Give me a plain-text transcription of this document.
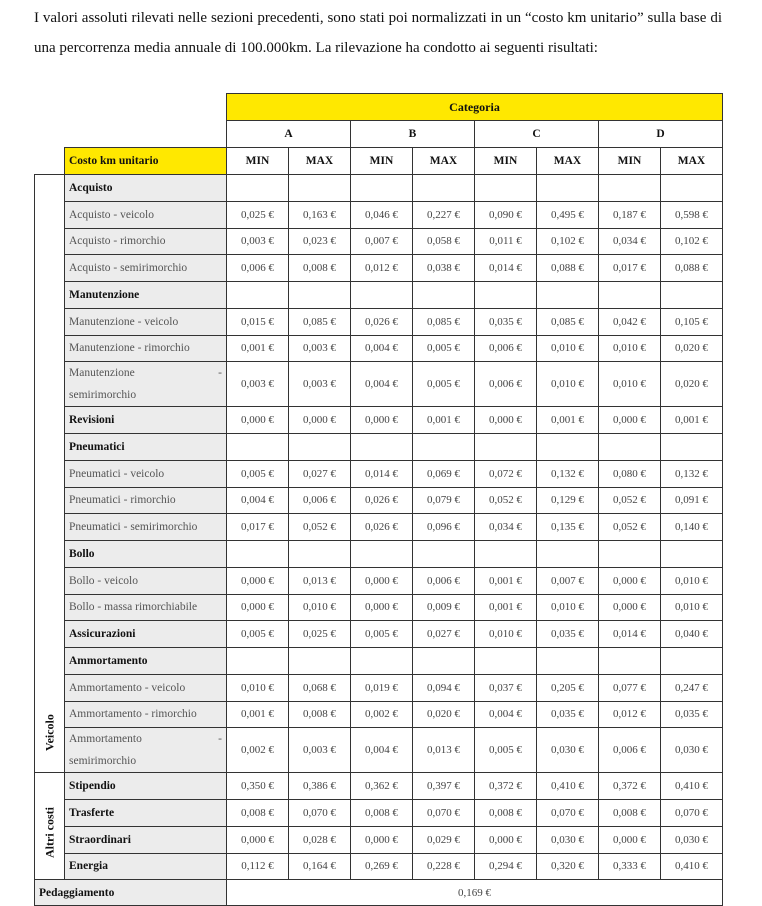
I valori assoluti rilevati nelle sezioni precedenti, sono stati poi normalizzati in un “costo km unitario” sulla base di una percorrenza media annuale di 100.000km. La rilevazione ha condotto ai seguenti risultati:
		Categoria							
		A		B		C		D	
	Costo km unitario	MIN	MAX	MIN	MAX	MIN	MAX	MIN	MAX

Veicolo	Acquisto								
	Acquisto - veicolo	0,025 €	0,163 €	0,046 €	0,227 €	0,090 €	0,495 €	0,187 €	0,598 €
	Acquisto - rimorchio	0,003 €	0,023 €	0,007 €	0,058 €	0,011 €	0,102 €	0,034 €	0,102 €
	Acquisto - semirimorchio	0,006 €	0,008 €	0,012 €	0,038 €	0,014 €	0,088 €	0,017 €	0,088 €
	Manutenzione								
	Manutenzione - veicolo	0,015 €	0,085 €	0,026 €	0,085 €	0,035 €	0,085 €	0,042 €	0,105 €
	Manutenzione - rimorchio	0,001 €	0,003 €	0,004 €	0,005 €	0,006 €	0,010 €	0,010 €	0,020 €

	Manutenzione -
semirimorchio	0,003 €	0,003 €	0,004 €	0,005 €	0,006 €	0,010 €	0,010 €	0,020 €
	Revisioni	0,000 €	0,000 €	0,000 €	0,001 €	0,000 €	0,001 €	0,000 €	0,001 €
	Pneumatici								
	Pneumatici - veicolo	0,005 €	0,027 €	0,014 €	0,069 €	0,072 €	0,132 €	0,080 €	0,132 €
	Pneumatici - rimorchio	0,004 €	0,006 €	0,026 €	0,079 €	0,052 €	0,129 €	0,052 €	0,091 €
	Pneumatici - semirimorchio	0,017 €	0,052 €	0,026 €	0,096 €	0,034 €	0,135 €	0,052 €	0,140 €
	Bollo								
	Bollo - veicolo	0,000 €	0,013 €	0,000 €	0,006 €	0,001 €	0,007 €	0,000 €	0,010 €
	Bollo - massa rimorchiabile	0,000 €	0,010 €	0,000 €	0,009 €	0,001 €	0,010 €	0,000 €	0,010 €
	Assicurazioni	0,005 €	0,025 €	0,005 €	0,027 €	0,010 €	0,035 €	0,014 €	0,040 €
	Ammortamento								
	Ammortamento - veicolo	0,010 €	0,068 €	0,019 €	0,094 €	0,037 €	0,205 €	0,077 €	0,247 €
	Ammortamento - rimorchio	0,001 €	0,008 €	0,002 €	0,020 €	0,004 €	0,035 €	0,012 €	0,035 €

	Ammortamento -
semirimorchio	0,002 €	0,003 €	0,004 €	0,013 €	0,005 €	0,030 €	0,006 €	0,030 €

Altri costi	Stipendio	0,350 €	0,386 €	0,362 €	0,397 €	0,372 €	0,410 €	0,372 €	0,410 €
	Trasferte	0,008 €	0,070 €	0,008 €	0,070 €	0,008 €	0,070 €	0,008 €	0,070 €
	Straordinari	0,000 €	0,028 €	0,000 €	0,029 €	0,000 €	0,030 €	0,000 €	0,030 €
	Energia	0,112 €	0,164 €	0,269 €	0,228 €	0,294 €	0,320 €	0,333 €	0,410 €
Pedaggiamento		0,169 €							
